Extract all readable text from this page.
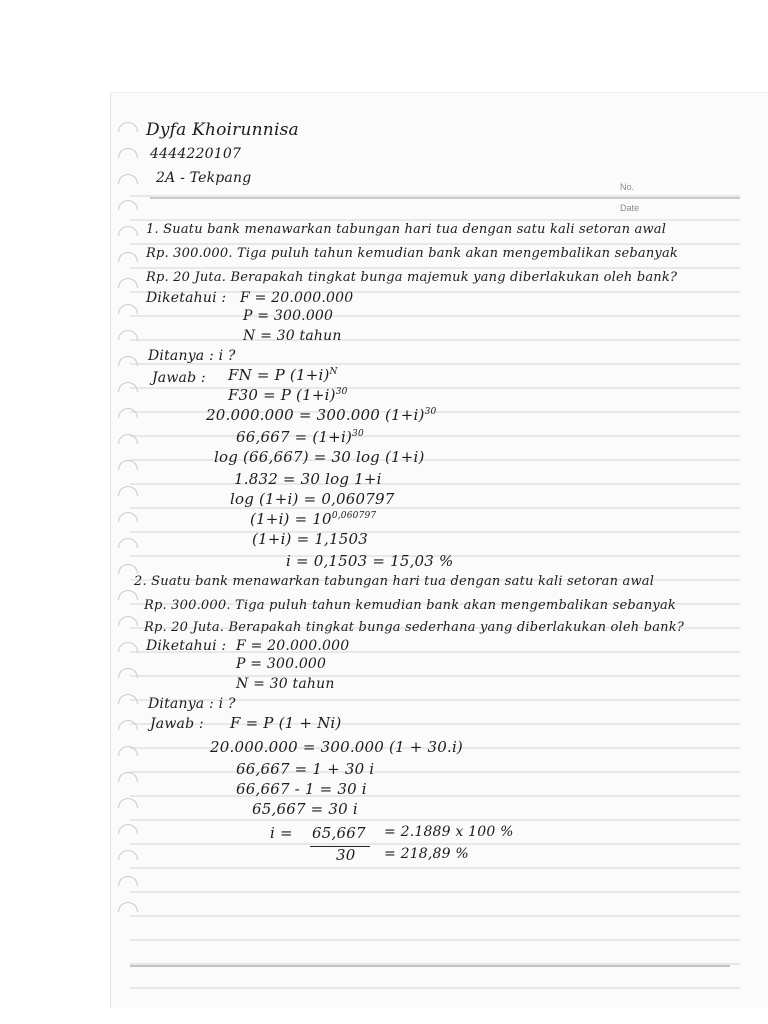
Dyfa Khoirunnisa
4444220107
2A - Tekpang
No.
Date
1. Suatu bank menawarkan tabungan hari tua dengan satu kali setoran awal
Rp. 300.000. Tiga puluh tahun kemudian bank akan mengembalikan sebanyak
Rp. 20 Juta. Berapakah tingkat bunga majemuk yang diberlakukan oleh bank?
Diketahui : F = 20.000.000
P = 300.000
N = 30 tahun
Ditanya : i ?
Jawab : FN = P $(1+i)^N$
F30 = P $(1+i)^{30}$
20.000.000 = 300.000 $(1+i)^{30}$
$66,667 = (1+i)^{30}$
log (66,667) = 30 log (1+i)
1.832 = 30 log 1+i
log (1+i) = 0,060797
$(1+i) = 10^{0,060797}$
(1+i) = 1,1503
i = 0,1503 = 15,03 %
2. Suatu bank menawarkan tabungan hari tua dengan satu kali setoran awal
Rp. 300.000. Tiga puluh tahun kemudian bank akan mengembalikan sebanyak
Rp. 20 Juta. Berapakah tingkat bunga sederhana yang diberlakukan oleh bank?
Diketahui : F = 20.000.000
P = 300.000
N = 30 tahun
Ditanya : i ?
Jawab : F = P (1 + Ni)
20.000.000 = 300.000 (1 + 30.i)
66,667 = 1 + 30 i
66,667 - 1 = 30 i
65,667 = 30 i
i = 65,667
30
= 2.1889 x 100 %
= 218,89 %
